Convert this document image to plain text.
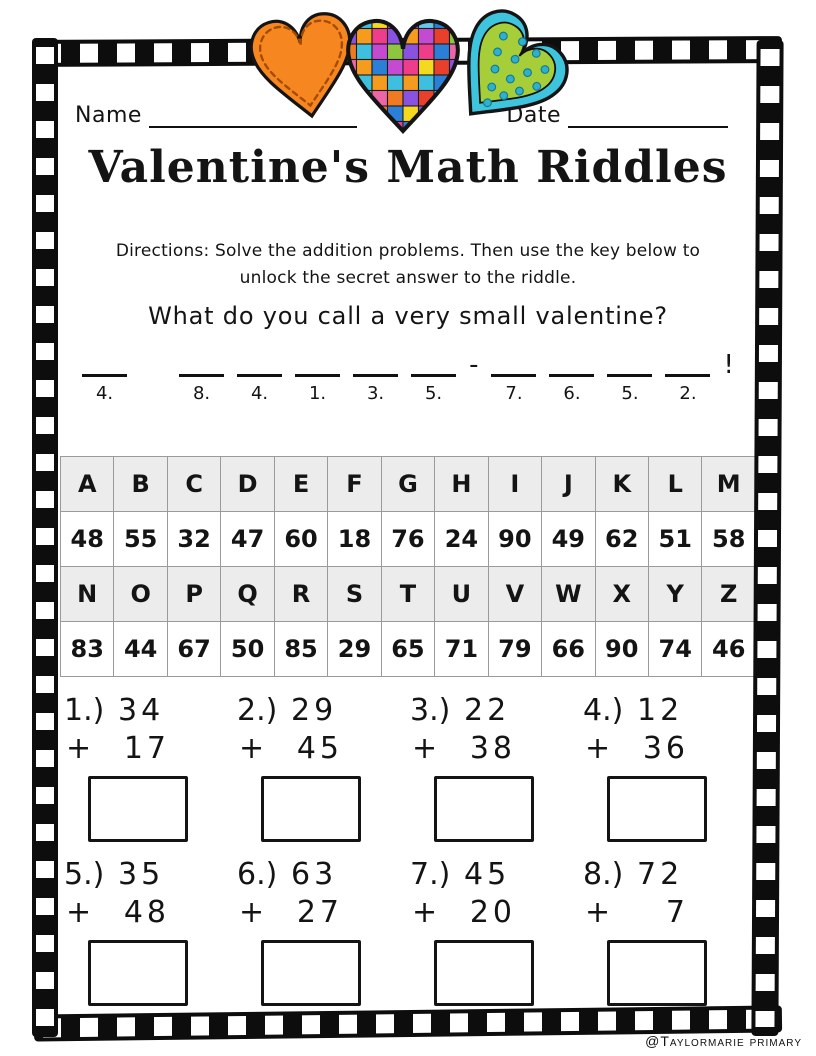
Name	Date
Valentine's Math Riddles
Directions: Solve the addition problems. Then use the key below to unlock the secret answer to the riddle.
What do you call a very small valentine?
4.	8. 4. 1. 3. 5.
-
7. 6. 5. 2.
!
A	B	C	D	E	F	G	H	I	J	K	L	M
48	55	32	47	60	18	76	24	90	49	62	51	58
N	O	P	Q	R	S	T	U	V	W	X	Y	Z
83	44	67	50	85	29	65	71	79	66	90	74	46
1.) 34
+	17
2.) 29
+	45
3.) 22
+	38
4.) 12
+	36
5.) 35
+	48
6.) 63
+	27
7.) 45
+	20
8.) 72
+	7
@Taylormarie primary
